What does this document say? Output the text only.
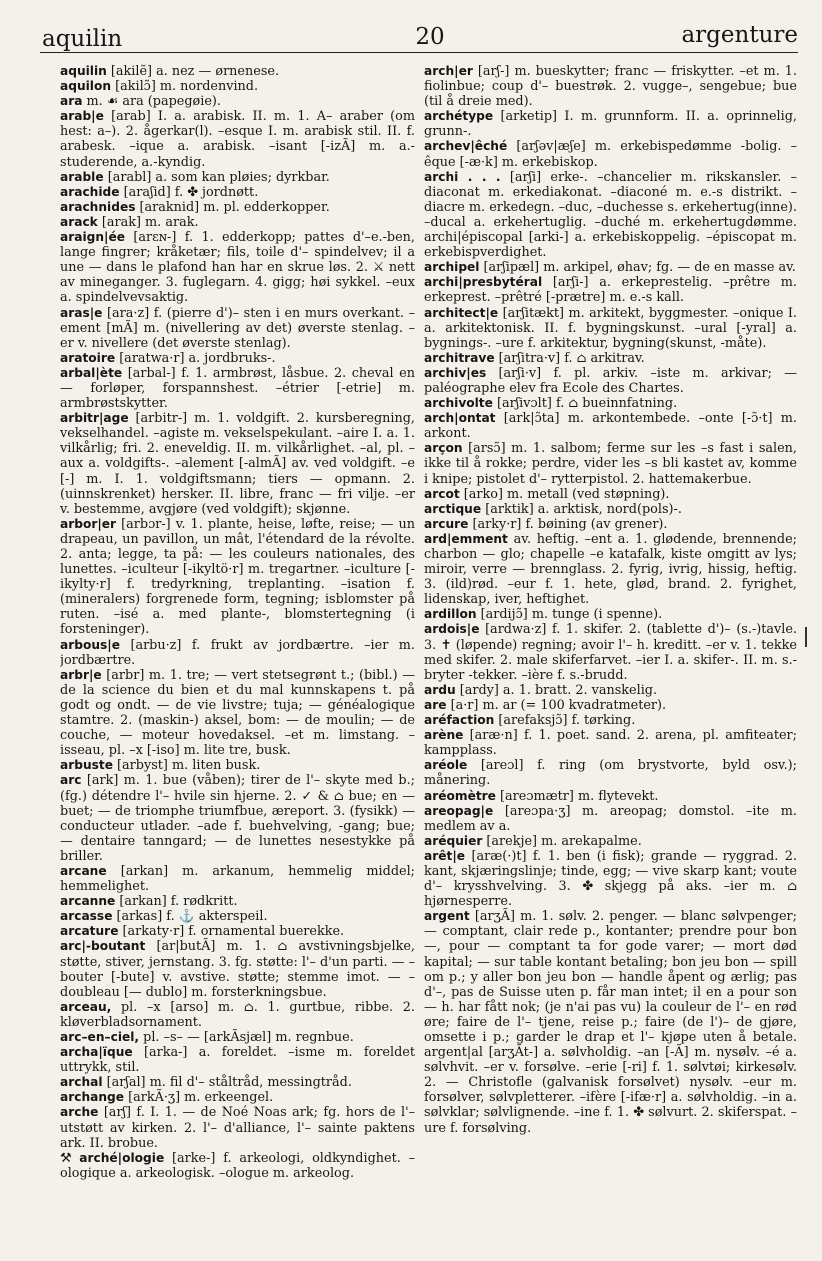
aquilin	20	argenture

aquilin [akilẽ] a. nez — ørnenese.

aquilon [akilɔ̃] m. nordenvind.

ara m. ☙ ara (papegøie).

arab|e [arab] I. a. arabisk. II. m. 1. A– araber (om hest: a–). 2. ågerkar(l). –esque I. m. arabisk stil. II. f. arabesk. –ique a. arabisk. –isant [-izÃ] m. a.-studerende, a.-kyndig.

arable [arabl] a. som kan pløies; dyrkbar.

arachide [araʃid] f. ✤ jordnøtt.

arachnides [araknid] m. pl. edderkopper.

arack [arak] m. arak.

araign|ée [arɛɴ-] f. 1. edderkopp; pattes d'–e.-ben, lange fingrer; kråketær; fils, toile d'– spindelvev; il a une — dans le plafond han har en skrue løs. 2. ⚔ nett av mineganger. 3. fuglegarn. 4. gigg; høi sykkel. –eux a. spindelvevsaktig.

aras|e [ara·z] f. (pierre d')– sten i en murs overkant. –ement [mÃ] m. (nivellering av det) øverste stenlag. –er v. nivellere (det øverste stenlag).

aratoire [aratwa·r] a. jordbruks-.

arbal|ète [arbal-] f. 1. armbrøst, låsbue. 2. cheval en — forløper, forspannshest. –étrier [-etrie] m. armbrøstskytter.

arbitr|age [arbitr-] m. 1. voldgift. 2. kursberegning, vekselhandel. –agiste m. vekselspekulant. –aire I. a. 1. vilkårlig; fri. 2. eneveldig. II. m. vilkårlighet. –al, pl. –aux a. voldgifts-. –alement [-almÃ] av. ved voldgift. –e [-] m. I. 1. voldgiftsmann; tiers — opmann. 2. (uinnskrenket) hersker. II. libre, franc — fri vilje. –er v. bestemme, avgjøre (ved voldgift); skjønne.

arbor|er [arbɔr-] v. 1. plante, heise, løfte, reise; — un drapeau, un pavillon, un mât, l'étendard de la révolte. 2. anta; legge, ta på: — les couleurs nationales, des lunettes. –iculteur [-ikyltö·r] m. tregartner. –iculture [-ikylty·r] f. tredyrkning, treplanting. –isation f. (mineralers) forgrenede form, tegning; isblomster på ruten. –isé a. med plante-, blomstertegning (i forsteninger).

arbous|e [arbu·z] f. frukt av jordbærtre. –ier m. jordbærtre.

arbr|e [arbr] m. 1. tre; — vert stetsegrønt t.; (bibl.) — de la science du bien et du mal kunnskapens t. på godt og ondt. — de vie livstre; tuja; — généalogique stamtre. 2. (maskin-) aksel, bom: — de moulin; — de couche, — moteur hovedaksel. –et m. limstang. –isseau, pl. –x [-iso] m. lite tre, busk.

arbuste [arbyst] m. liten busk.

arc [ark] m. 1. bue (våben); tirer de l'– skyte med b.; (fg.) détendre l'– hvile sin hjerne. 2. ✓ & ⌂ bue; en — buet; — de triomphe triumfbue, æreport. 3. (fysikk) — conducteur utlader. –ade f. buehvelving, -gang; bue; — dentaire tanngard; — de lunettes nesestykke på briller.

arcane [arkan] m. arkanum, hemmelig middel; hemmelighet.

arcanne [arkan] f. rødkritt.

arcasse [arkas] f. ⚓ akterspeil.

arcature [arkaty·r] f. ornamental buerekke.

arc|-boutant [ar|butÃ] m. 1. ⌂ avstivningsbjelke, støtte, stiver, jernstang. 3. fg. støtte: l'– d'un parti. — –bouter [-bute] v. avstive. støtte; stemme imot. — –doubleau [— dublo] m. forsterkningsbue.

arceau, pl. –x [arso] m. ⌂. 1. gurtbue, ribbe. 2. kløverbladsornament.

arc–en–ciel, pl. –s– — [arkÃsjæl] m. regnbue.

archa|ïque [arka-] a. foreldet. –isme m. foreldet uttrykk, stil.

archal [arʃal] m. fil d'– ståltråd, messingtråd.

archange [arkÃ·ʒ] m. erkeengel.

arche [arʃ] f. I. 1. — de Noé Noas ark; fg. hors de l'– utstøtt av kirken. 2. l'– d'alliance, l'– sainte paktens ark. II. brobue.

⚒ arché|ologie [arke-] f. arkeologi, oldkyndighet. –ologique a. arkeologisk. –ologue m. arkeolog.

arch|er [arʃ-] m. bueskytter; franc — friskytter. –et m. 1. fiolinbue; coup d'– buestrøk. 2. vugge–, sengebue; bue (til å dreie med).

archétype [arketip] I. m. grunnform. II. a. oprinnelig, grunn-.

archev|êché [arʃəv|æʃe] m. erkebispedømme -bolig. –êque [-æ·k] m. erkebiskop.

archi . . . [arʃi] erke-. –chancelier m. rikskansler. –diaconat m. erkediakonat. –diaconé m. e.-s distrikt. –diacre m. erkedegn. –duc, –duchesse s. erkehertug(inne). –ducal a. erkehertuglig. –duché m. erkehertugdømme. archi|épiscopal [arki-] a. erkebiskoppelig. –épiscopat m. erkebispverdighet.

archipel [arʃipæl] m. arkipel, øhav; fg. — de en masse av.

archi|presbytéral [arʃi-] a. erkeprestelig. –prêtre m. erkeprest. –prêtré [-prætre] m. e.-s kall.

architect|e [arʃitækt] m. arkitekt, byggmester. –onique I. a. arkitektonisk. II. f. bygningskunst. –ural [-yral] a. bygnings-. –ure f. arkitektur, bygning(skunst, -måte).

architrave [arʃitra·v] f. ⌂ arkitrav.

archiv|es [arʃi·v] f. pl. arkiv. –iste m. arkivar; — paléographe elev fra Ecole des Chartes.

archivolte [arʃivɔlt] f. ⌂ bueinnfatning.

arch|ontat [ark|ɔ̃ta] m. arkontembede. –onte [-ɔ̃·t] m. arkont.

arçon [arsɔ̃] m. 1. salbom; ferme sur les –s fast i salen, ikke til å rokke; perdre, vider les –s bli kastet av, komme i knipe; pistolet d'– rytterpistol. 2. hattemakerbue.

arcot [arko] m. metall (ved støpning).

arctique [arktik] a. arktisk, nord(pols)-.

arcure [arky·r] f. bøining (av grener).

ard|emment av. heftig. –ent a. 1. glødende, brennende; charbon — glo; chapelle –e katafalk, kiste omgitt av lys; miroir, verre — brennglass. 2. fyrig, ivrig, hissig, heftig. 3. (ild)rød. –eur f. 1. hete, glød, brand. 2. fyrighet, lidenskap, iver, heftighet.

ardillon [ardijɔ̃] m. tunge (i spenne).

ardois|e [ardwa·z] f. 1. skifer. 2. (tablette d')– (s.-)tavle. 3. ✝ (løpende) regning; avoir l'– h. kreditt. –er v. 1. tekke med skifer. 2. male skiferfarvet. –ier I. a. skifer-. II. m. s.-bryter -tekker. –ière f. s.-brudd.

ardu [ardy] a. 1. bratt. 2. vanskelig.

are [a·r] m. ar (= 100 kvadratmeter).

aréfaction [arefaksjɔ̃] f. tørking.

arène [aræ·n] f. 1. poet. sand. 2. arena, pl. amfiteater; kampplass.

aréole [areɔl] f. ring (om brystvorte, byld osv.); månering.

aréomètre [areɔmætr] m. flytevekt.

areopag|e [areɔpa·ʒ] m. areopag; domstol. –ite m. medlem av a.

aréquier [arekje] m. arekapalme.

arêt|e [aræ(·)t] f. 1. ben (i fisk); grande — ryggrad. 2. kant, skjæringslinje; tinde, egg; — vive skarp kant; voute d'– krysshvelving. 3. ✤ skjegg på aks. –ier m. ⌂ hjørnesperre.

argent [arʒÃ] m. 1. sølv. 2. penger. — blanc sølvpenger; — comptant, clair rede p., kontanter; prendre pour bon —, pour — comptant ta for gode varer; — mort død kapital; — sur table kontant betaling; bon jeu bon — spill om p.; y aller bon jeu bon — handle åpent og ærlig; pas d'–, pas de Suisse uten p. får man intet; il en a pour son — h. har fått nok; (je n'ai pas vu) la couleur de l'– en rød øre; faire de l'– tjene, reise p.; faire (de l')– de gjøre, omsette i p.; garder le drap et l'– kjøpe uten å betale. argent|al [arʒÃt-] a. sølvholdig. –an [-Ã] m. nysølv. –é a. sølvhvit. –er v. forsølve. –erie [-ri] f. 1. sølvtøi; kirkesølv. 2. — Christofle (galvanisk forsølvet) nysølv. –eur m. forsølver, sølvpletterer. –ifère [-ifæ·r] a. sølvholdig. –in a. sølvklar; sølvlignende. –ine f. 1. ✤ sølvurt. 2. skiferspat. –ure f. forsølving.
